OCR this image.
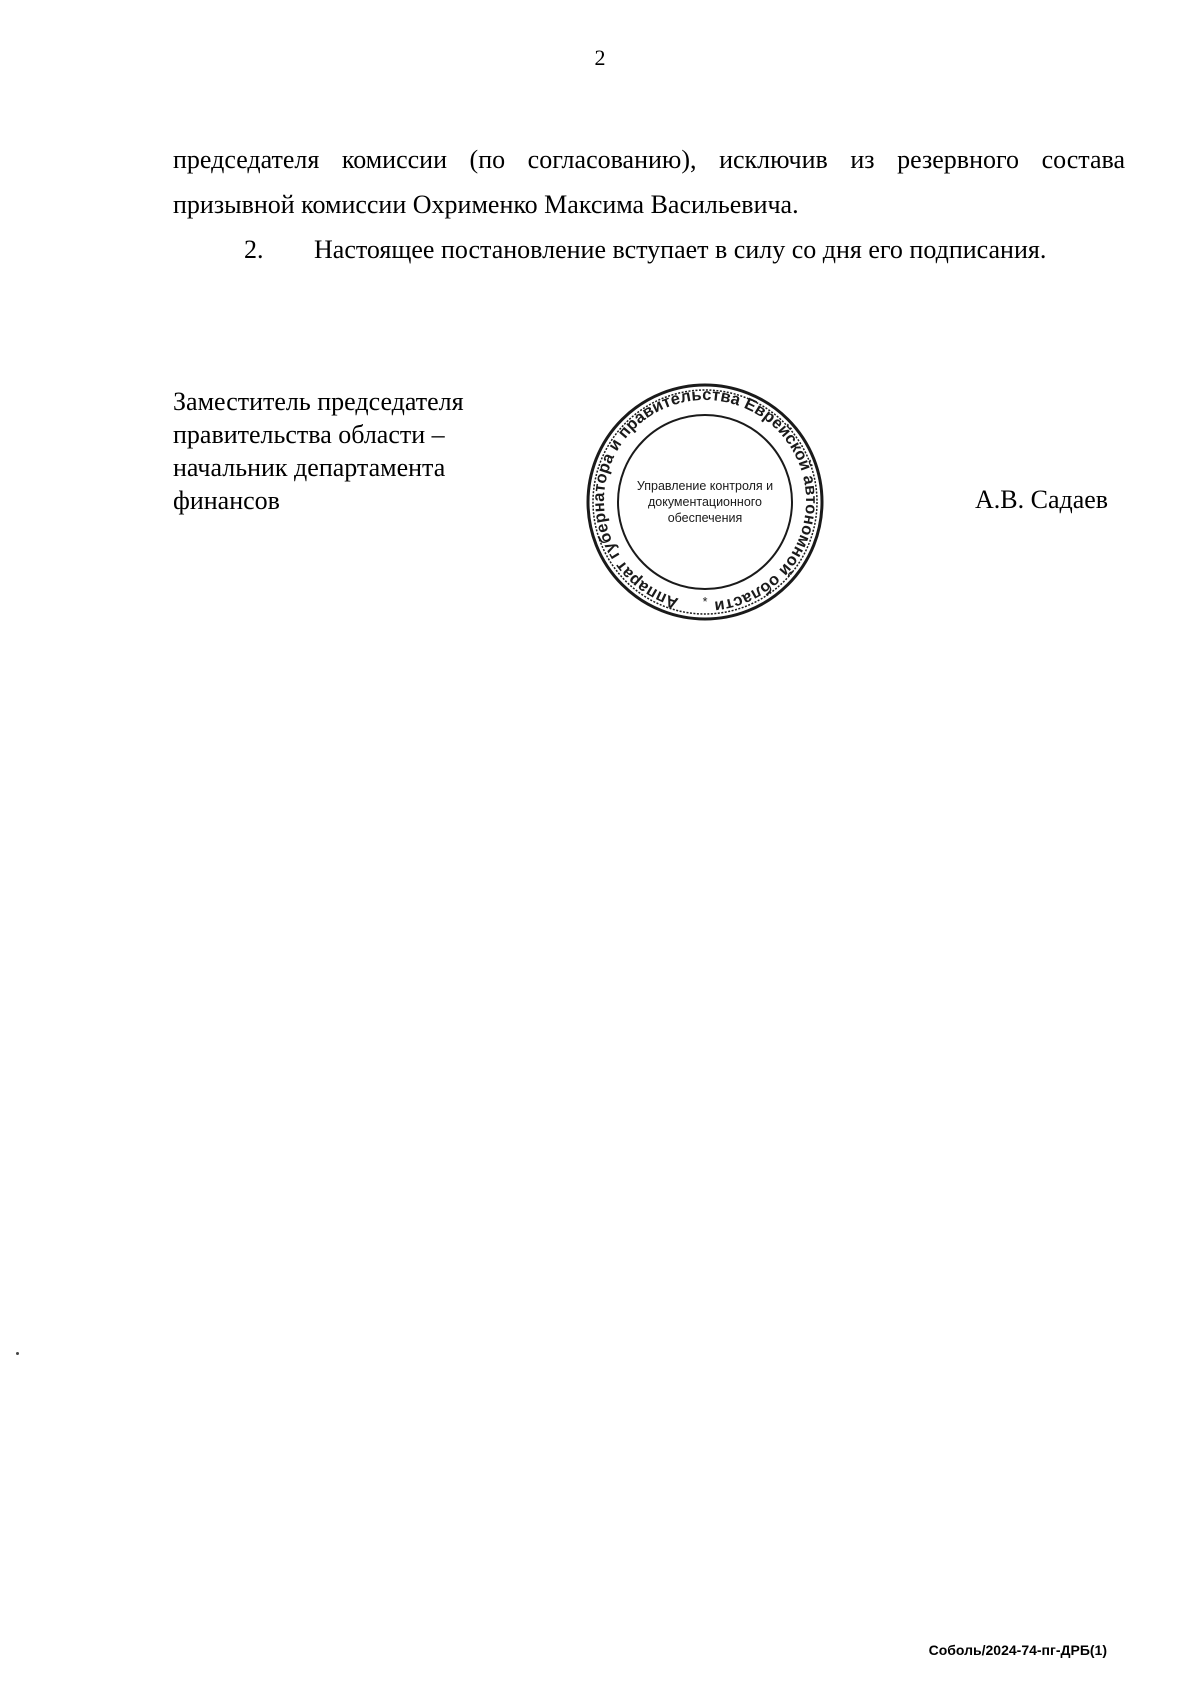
2

председателя комиссии (по согласованию), исключив из резервного состава призывной комиссии Охрименко Максима Васильевича.

2.	Настоящее постановление вступает в силу со дня его подписания.

Заместитель председателя
правительства области –
начальник департамента
финансов
Аппарат губернатора и правительства Еврейской автономной области
Управление контроля и
документационного
обеспечения
*
А.В. Садаев
Соболь/2024-74-пг-ДРБ(1)
